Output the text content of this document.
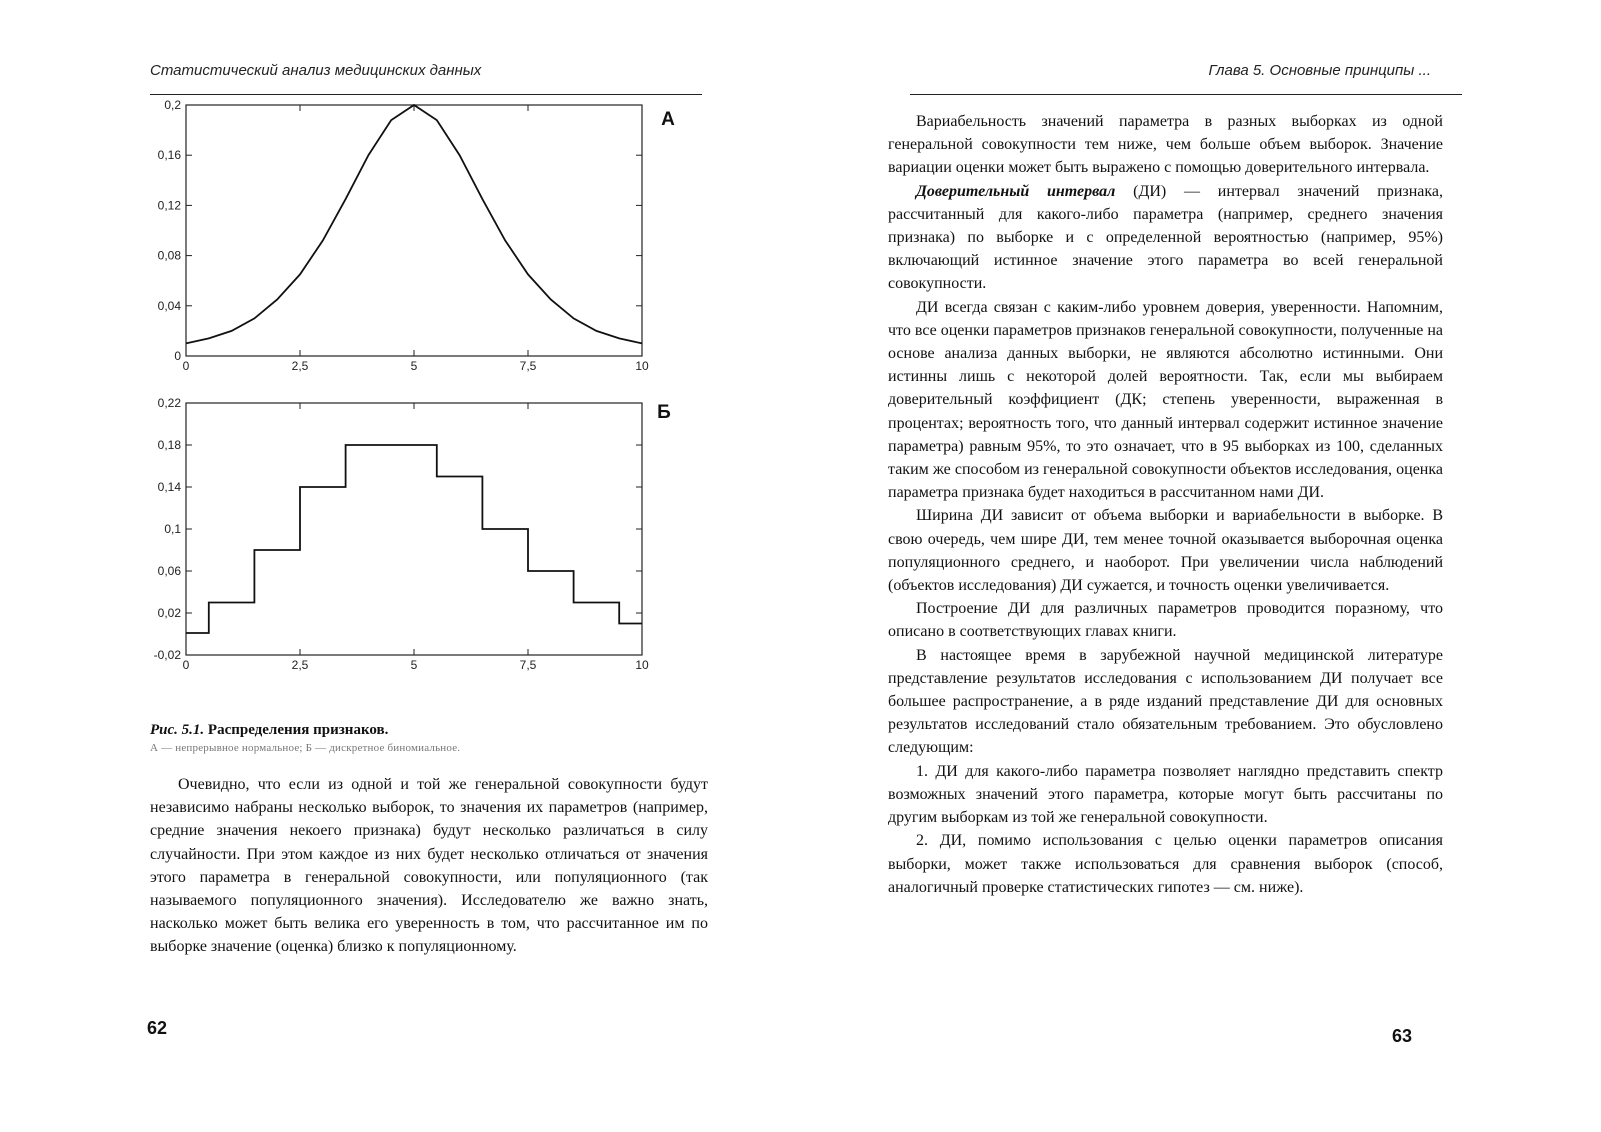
Статистический анализ медицинских данных
0	2,5	5	7,5	10
0
0,04
0,08
0,12
0,16
0,2
А
0	2,5	5	7,5	10
-0,02
0,02
0,06
0,1
0,14
0,18
0,22	Б
Рис. 5.1. Распределения признаков.
А — непрерывное нормальное; Б — дискретное биномиальное.
Очевидно, что если из одной и той же генеральной совокупности будут независимо набраны несколько выборок, то значения их параметров (например, средние значения некоего признака) будут несколько различаться в силу случайности. При этом каждое из них будет несколько отличаться от значения этого параметра в генеральной совокупности, или популяционного (так называемого популяционного значения). Исследователю же важно знать, насколько может быть велика его уверенность в том, что рассчитанное им по выборке значение (оценка) близко к популяционному.
62
Глава 5. Основные принципы ...

Вариабельность значений параметра в разных выборках из одной генеральной совокупности тем ниже, чем больше объем выборок. Значение вариации оценки может быть выражено с помощью доверительного интервала.

Доверительный интервал (ДИ) — интервал значений признака, рассчитанный для какого-либо параметра (например, среднего значения признака) по выборке и с определенной вероятностью (например, 95%) включающий истинное значение этого параметра во всей генеральной совокупности.

ДИ всегда связан с каким-либо уровнем доверия, уверенности. Напомним, что все оценки параметров признаков генеральной совокупности, полученные на основе анализа данных выборки, не являются абсолютно истинными. Они истинны лишь с некоторой долей вероятности. Так, если мы выбираем доверительный коэффициент (ДК; степень уверенности, выраженная в процентах; вероятность того, что данный интервал содержит истинное значение параметра) равным 95%, то это означает, что в 95 выборках из 100, сделанных таким же способом из генеральной совокупности объектов исследования, оценка параметра признака будет находиться в рассчитанном нами ДИ.

Ширина ДИ зависит от объема выборки и вариабельности в выборке. В свою очередь, чем шире ДИ, тем менее точной оказывается выборочная оценка популяционного среднего, и наоборот. При увеличении числа наблюдений (объектов исследования) ДИ сужается, и точность оценки увеличивается.

Построение ДИ для различных параметров проводится поразному, что описано в соответствующих главах книги.

В настоящее время в зарубежной научной медицинской литературе представление результатов исследования с использованием ДИ получает все большее распространение, а в ряде изданий представление ДИ для основных результатов исследований стало обязательным требованием. Это обусловлено следующим:

1. ДИ для какого-либо параметра позволяет наглядно представить спектр возможных значений этого параметра, которые могут быть рассчитаны по другим выборкам из той же генеральной совокупности.

2. ДИ, помимо использования с целью оценки параметров описания выборки, может также использоваться для сравнения выборок (способ, аналогичный проверке статистических гипотез — см. ниже).

63
